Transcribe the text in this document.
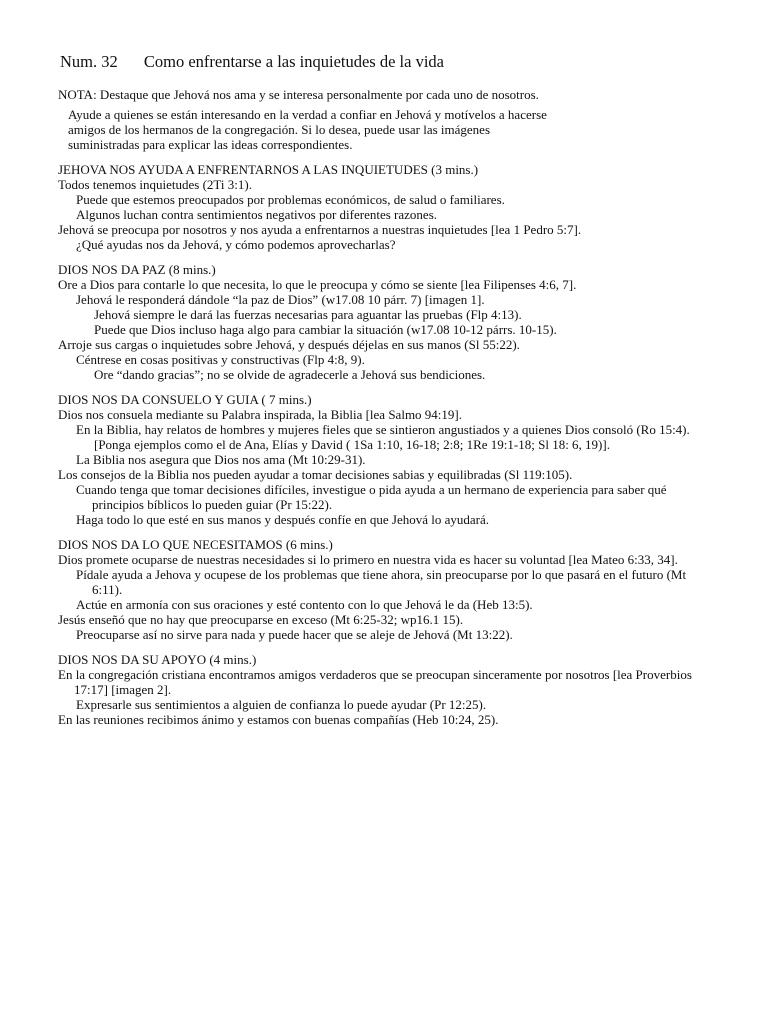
Num. 32 Como enfrentarse a las inquietudes de la vida

NOTA: Destaque que Jehová nos ama y se interesa personalmente por cada uno de nosotros.

Ayude a quienes se están interesando en la verdad a confiar en Jehová y motívelos a hacerse

amigos de los hermanos de la congregación. Si lo desea, puede usar las imágenes

suministradas para explicar las ideas correspondientes.

JEHOVA NOS AYUDA A ENFRENTARNOS A LAS INQUIETUDES (3 mins.)

Todos tenemos inquietudes (2Ti 3:1).

Puede que estemos preocupados por problemas económicos, de salud o familiares.

Algunos luchan contra sentimientos negativos por diferentes razones.

Jehová se preocupa por nosotros y nos ayuda a enfrentarnos a nuestras inquietudes [lea 1 Pedro 5:7].

¿Qué ayudas nos da Jehová, y cómo podemos aprovecharlas?

DIOS NOS DA PAZ (8 mins.)

Ore a Dios para contarle lo que necesita, lo que le preocupa y cómo se siente [lea Filipenses 4:6, 7].

Jehová le responderá dándole “la paz de Dios” (w17.08 10 párr. 7) [imagen 1].

Jehová siempre le dará las fuerzas necesarias para aguantar las pruebas (Flp 4:13).

Puede que Dios incluso haga algo para cambiar la situación (w17.08 10-12 párrs. 10-15).

Arroje sus cargas o inquietudes sobre Jehová, y después déjelas en sus manos (Sl 55:22).

Céntrese en cosas positivas y constructivas (Flp 4:8, 9).

Ore “dando gracias”; no se olvide de agradecerle a Jehová sus bendiciones.

DIOS NOS DA CONSUELO Y GUIA ( 7 mins.)

Dios nos consuela mediante su Palabra inspirada, la Biblia [lea Salmo 94:19].

En la Biblia, hay relatos de hombres y mujeres fieles que se sintieron angustiados y a quienes Dios consoló (Ro 15:4).

[Ponga ejemplos como el de Ana, Elías y David ( 1Sa 1:10, 16-18; 2:8; 1Re 19:1-18; Sl 18: 6, 19)].

La Biblia nos asegura que Dios nos ama (Mt 10:29-31).

Los consejos de la Biblia nos pueden ayudar a tomar decisiones sabias y equilibradas (Sl 119:105).

Cuando tenga que tomar decisiones difíciles, investigue o pida ayuda a un hermano de experiencia para saber qué principios bíblicos lo pueden guiar (Pr 15:22).

Haga todo lo que esté en sus manos y después confíe en que Jehová lo ayudará.

DIOS NOS DA LO QUE NECESITAMOS (6 mins.)

Dios promete ocuparse de nuestras necesidades si lo primero en nuestra vida es hacer su voluntad [lea Mateo 6:33, 34].

Pídale ayuda a Jehova y ocupese de los problemas que tiene ahora, sin preocuparse por lo que pasará en el futuro (Mt 6:11).

Actúe en armonía con sus oraciones y esté contento con lo que Jehová le da (Heb 13:5).

Jesús enseñó que no hay que preocuparse en exceso (Mt 6:25-32; wp16.1 15).

Preocuparse así no sirve para nada y puede hacer que se aleje de Jehová (Mt 13:22).

DIOS NOS DA SU APOYO (4 mins.)

En la congregación cristiana encontramos amigos verdaderos que se preocupan sinceramente por nosotros [lea Proverbios 17:17] [imagen 2].

Expresarle sus sentimientos a alguien de confianza lo puede ayudar (Pr 12:25).

En las reuniones recibimos ánimo y estamos con buenas compañías (Heb 10:24, 25).
